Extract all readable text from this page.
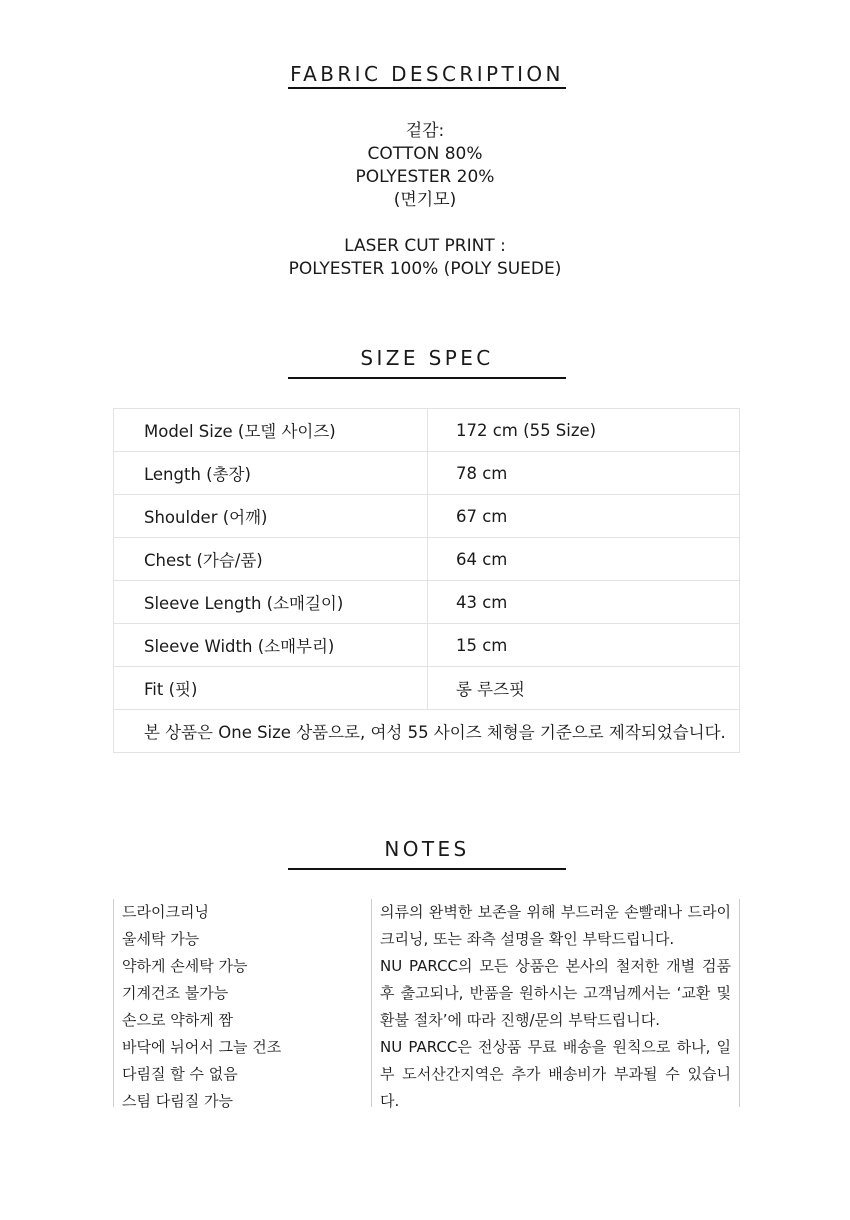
FABRIC DESCRIPTION
겉감:
COTTON 80%
POLYESTER 20%
(면기모)
LASER CUT PRINT :
POLYESTER 100% (POLY SUEDE)
SIZE SPEC
Model Size (모델 사이즈)	172 cm (55 Size)
Length (총장)	78 cm
Shoulder (어깨)	67 cm
Chest (가슴/품)	64 cm
Sleeve Length (소매길이)	43 cm
Sleeve Width (소매부리)	15 cm
Fit (핏)	롱 루즈핏
본 상품은 One Size 상품으로, 여성 55 사이즈 체형을 기준으로 제작되었습니다.	
NOTES
드라이크리닝
울세탁 가능
약하게 손세탁 가능
기계건조 불가능
손으로 약하게 짬
바닥에 뉘어서 그늘 건조
다림질 할 수 없음
스팀 다림질 가능

의류의 완벽한 보존을 위해 부드러운 손빨래나 드라이크리닝, 또는 좌측 설명을 확인 부탁드립니다.

NU PARCC의 모든 상품은 본사의 철저한 개별 검품 후 출고되나, 반품을 원하시는 고객님께서는 ‘교환 및 환불 절차’에 따라 진행/문의 부탁드립니다.

NU PARCC은 전상품 무료 배송을 원칙으로 하나, 일부 도서산간지역은 추가 배송비가 부과될 수 있습니다.
